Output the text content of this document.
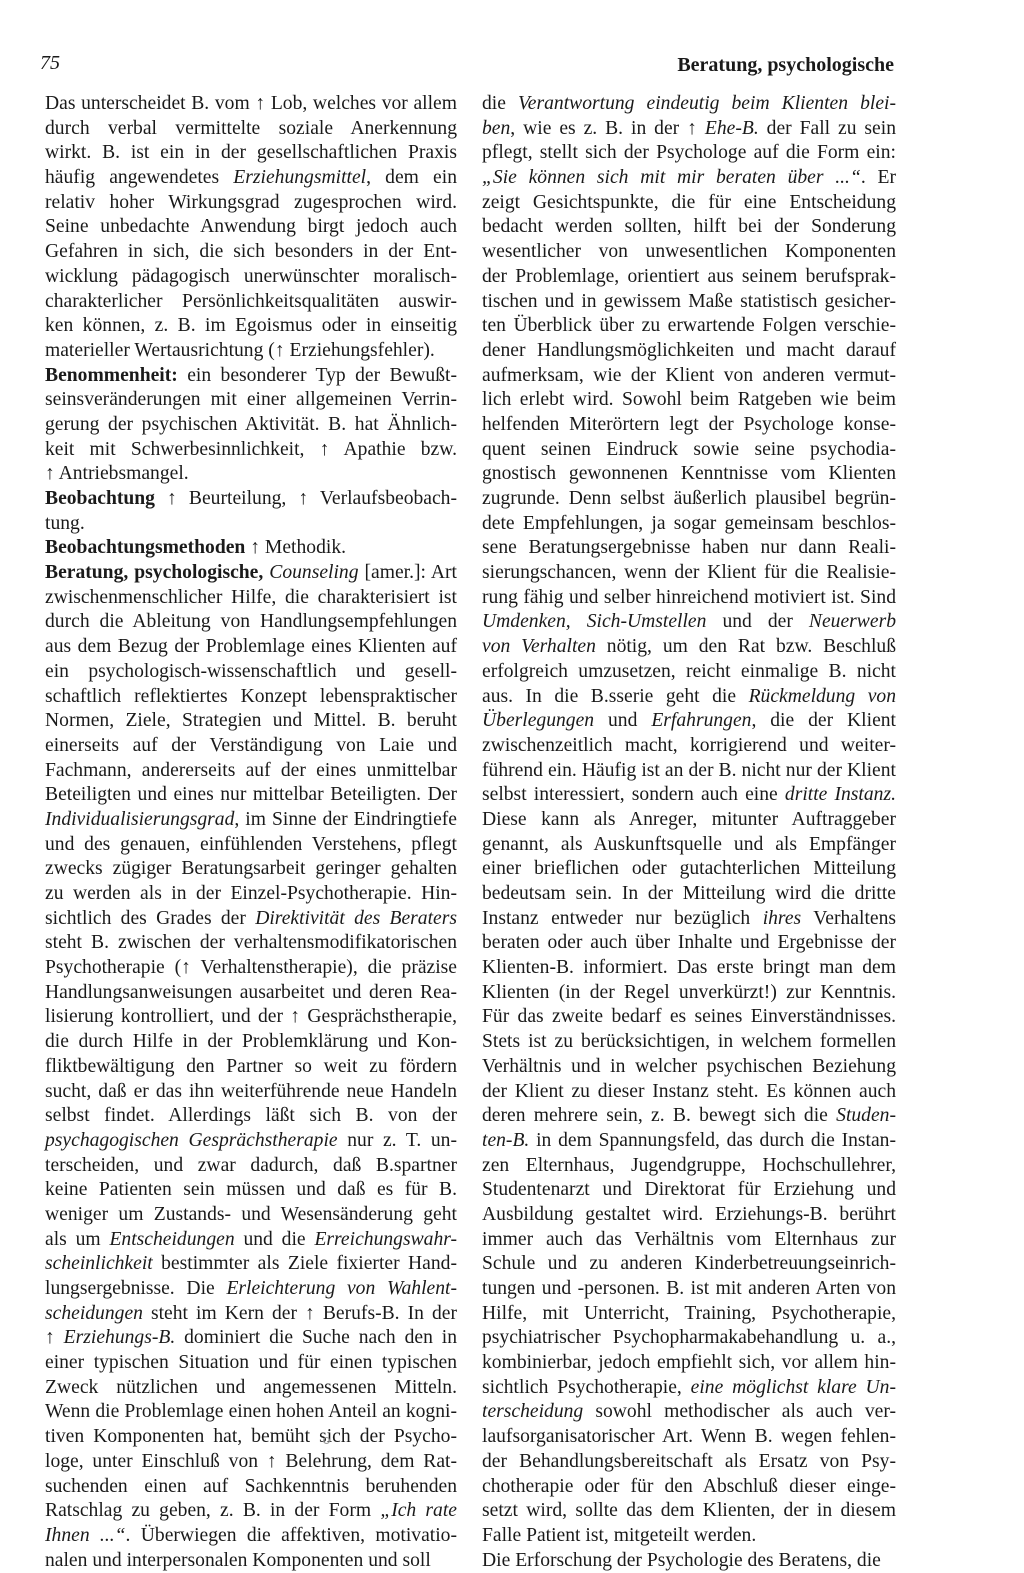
75	Beratung, psychologische
Das unterscheidet B. vom ↑ Lob, welches vor allem
durch verbal vermittelte soziale Anerkennung
wirkt. B. ist ein in der gesellschaftlichen Praxis
häufig angewendetes Erziehungsmittel, dem ein
relativ hoher Wirkungsgrad zugesprochen wird.
Seine unbedachte Anwendung birgt jedoch auch
Gefahren in sich, die sich besonders in der Ent-
wicklung pädagogisch unerwünschter moralisch-
charakterlicher Persönlichkeitsqualitäten auswir-
ken können, z. B. im Egoismus oder in einseitig
materieller Wertausrichtung (↑ Erziehungsfehler).
Benommenheit: ein besonderer Typ der Bewußt-
seinsveränderungen mit einer allgemeinen Verrin-
gerung der psychischen Aktivität. B. hat Ähnlich-
keit mit Schwerbesinnlichkeit, ↑ Apathie bzw.
↑ Antriebsmangel.
Beobachtung ↑ Beurteilung, ↑ Verlaufsbeobach-
tung.
Beobachtungsmethoden ↑ Methodik.
Beratung, psychologische, Counseling [amer.]: Art
zwischenmenschlicher Hilfe, die charakterisiert ist
durch die Ableitung von Handlungsempfehlungen
aus dem Bezug der Problemlage eines Klienten auf
ein psychologisch-wissenschaftlich und gesell-
schaftlich reflektiertes Konzept lebenspraktischer
Normen, Ziele, Strategien und Mittel. B. beruht
einerseits auf der Verständigung von Laie und
Fachmann, andererseits auf der eines unmittelbar
Beteiligten und eines nur mittelbar Beteiligten. Der
Individualisierungsgrad, im Sinne der Eindringtiefe
und des genauen, einfühlenden Verstehens, pflegt
zwecks zügiger Beratungsarbeit geringer gehalten
zu werden als in der Einzel-Psychotherapie. Hin-
sichtlich des Grades der Direktivität des Beraters
steht B. zwischen der verhaltensmodifikatorischen
Psychotherapie (↑ Verhaltenstherapie), die präzise
Handlungsanweisungen ausarbeitet und deren Rea-
lisierung kontrolliert, und der ↑ Gesprächstherapie,
die durch Hilfe in der Problemklärung und Kon-
fliktbewältigung den Partner so weit zu fördern
sucht, daß er das ihn weiterführende neue Handeln
selbst findet. Allerdings läßt sich B. von der
psychagogischen Gesprächstherapie nur z. T. un-
terscheiden, und zwar dadurch, daß B.spartner
keine Patienten sein müssen und daß es für B.
weniger um Zustands- und Wesensänderung geht
als um Entscheidungen und die Erreichungswahr-
scheinlichkeit bestimmter als Ziele fixierter Hand-
lungsergebnisse. Die Erleichterung von Wahlent-
scheidungen steht im Kern der ↑ Berufs-B. In der
↑ Erziehungs-B. dominiert die Suche nach den in
einer typischen Situation und für einen typischen
Zweck nützlichen und angemessenen Mitteln.
Wenn die Problemlage einen hohen Anteil an kogni-
tiven Komponenten hat, bemüht sich der Psycho-
loge, unter Einschluß von ↑ Belehrung, dem Rat-
suchenden einen auf Sachkenntnis beruhenden
Ratschlag zu geben, z. B. in der Form „Ich rate
Ihnen ...“. Überwiegen die affektiven, motivatio-
nalen und interpersonalen Komponenten und soll
die Verantwortung eindeutig beim Klienten blei-
ben, wie es z. B. in der ↑ Ehe-B. der Fall zu sein
pflegt, stellt sich der Psychologe auf die Form ein:
„Sie können sich mit mir beraten über ...“. Er
zeigt Gesichtspunkte, die für eine Entscheidung
bedacht werden sollten, hilft bei der Sonderung
wesentlicher von unwesentlichen Komponenten
der Problemlage, orientiert aus seinem berufsprak-
tischen und in gewissem Maße statistisch gesicher-
ten Überblick über zu erwartende Folgen verschie-
dener Handlungsmöglichkeiten und macht darauf
aufmerksam, wie der Klient von anderen vermut-
lich erlebt wird. Sowohl beim Ratgeben wie beim
helfenden Miterörtern legt der Psychologe konse-
quent seinen Eindruck sowie seine psychodia-
gnostisch gewonnenen Kenntnisse vom Klienten
zugrunde. Denn selbst äußerlich plausibel begrün-
dete Empfehlungen, ja sogar gemeinsam beschlos-
sene Beratungsergebnisse haben nur dann Reali-
sierungschancen, wenn der Klient für die Realisie-
rung fähig und selber hinreichend motiviert ist. Sind
Umdenken, Sich-Umstellen und der Neuerwerb
von Verhalten nötig, um den Rat bzw. Beschluß
erfolgreich umzusetzen, reicht einmalige B. nicht
aus. In die B.sserie geht die Rückmeldung von
Überlegungen und Erfahrungen, die der Klient
zwischenzeitlich macht, korrigierend und weiter-
führend ein. Häufig ist an der B. nicht nur der Klient
selbst interessiert, sondern auch eine dritte Instanz.
Diese kann als Anreger, mitunter Auftraggeber
genannt, als Auskunftsquelle und als Empfänger
einer brieflichen oder gutachterlichen Mitteilung
bedeutsam sein. In der Mitteilung wird die dritte
Instanz entweder nur bezüglich ihres Verhaltens
beraten oder auch über Inhalte und Ergebnisse der
Klienten-B. informiert. Das erste bringt man dem
Klienten (in der Regel unverkürzt!) zur Kenntnis.
Für das zweite bedarf es seines Einverständnisses.
Stets ist zu berücksichtigen, in welchem formellen
Verhältnis und in welcher psychischen Beziehung
der Klient zu dieser Instanz steht. Es können auch
deren mehrere sein, z. B. bewegt sich die Studen-
ten-B. in dem Spannungsfeld, das durch die Instan-
zen Elternhaus, Jugendgruppe, Hochschullehrer,
Studentenarzt und Direktorat für Erziehung und
Ausbildung gestaltet wird. Erziehungs-B. berührt
immer auch das Verhältnis vom Elternhaus zur
Schule und zu anderen Kinderbetreuungseinrich-
tungen und -personen. B. ist mit anderen Arten von
Hilfe, mit Unterricht, Training, Psychotherapie,
psychiatrischer Psychopharmakabehandlung u. a.,
kombinierbar, jedoch empfiehlt sich, vor allem hin-
sichtlich Psychotherapie, eine möglichst klare Un-
terscheidung sowohl methodischer als auch ver-
laufsorganisatorischer Art. Wenn B. wegen fehlen-
der Behandlungsbereitschaft als Ersatz von Psy-
chotherapie oder für den Abschluß dieser einge-
setzt wird, sollte das dem Klienten, der in diesem
Falle Patient ist, mitgeteilt werden.
Die Erforschung der Psychologie des Beratens, die
